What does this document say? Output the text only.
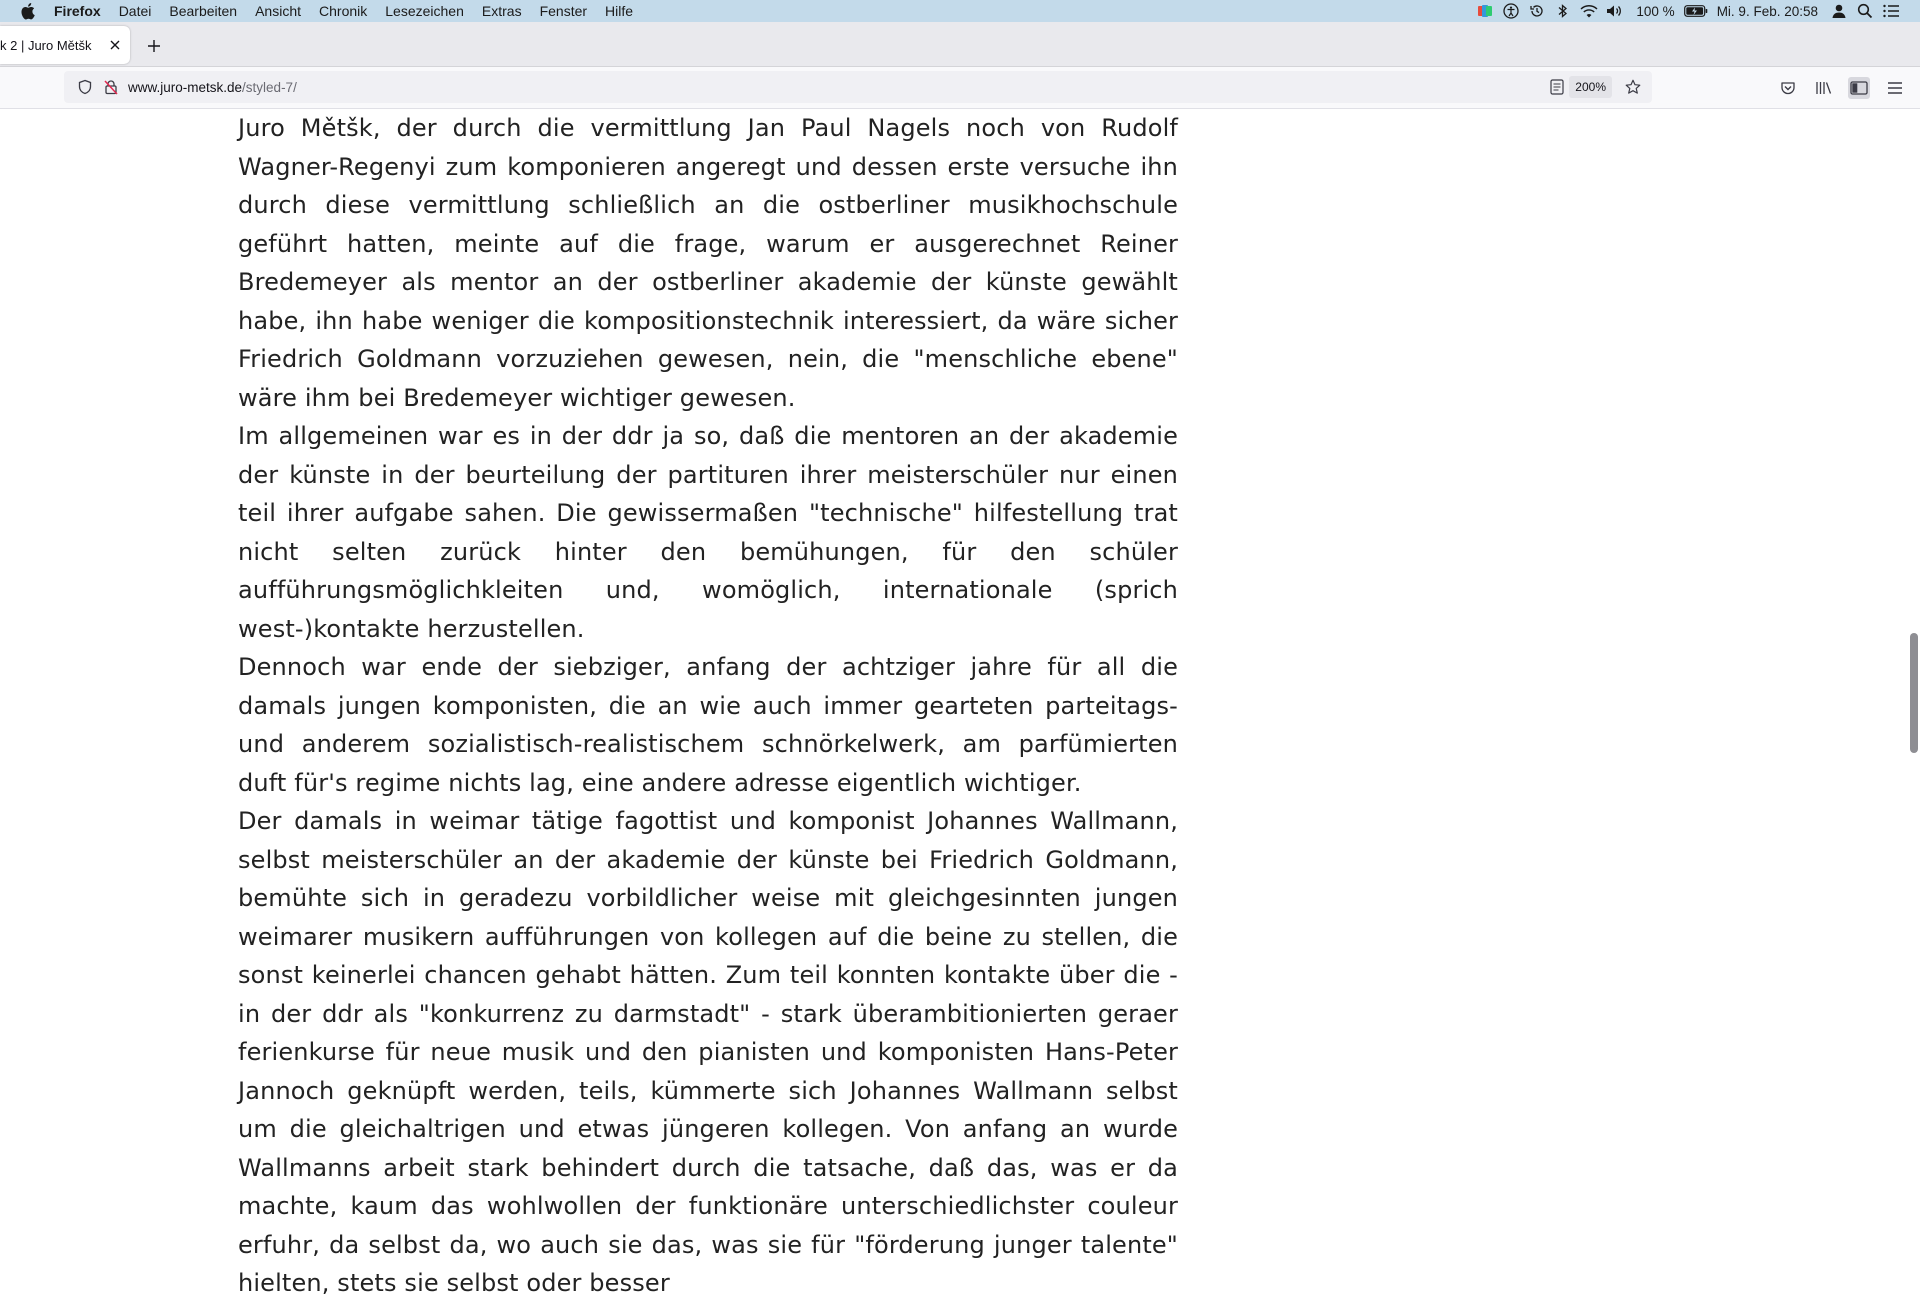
Firefox Datei Bearbeiten Ansicht Chronik Lesezeichen Extras Fenster Hilfe	100 %	Mi. 9. Feb. 20:58
k 2 | Juro Mětšk
www.juro-metsk.de/styled-7/	200%

Juro Mětšk, der durch die vermittlung Jan Paul Nagels noch von Rudolf Wagner-Regenyi zum komponieren angeregt und dessen erste versuche ihn durch diese vermittlung schließlich an die ostberliner musikhochschule geführt hatten, meinte auf die frage, warum er ausgerechnet Reiner Bredemeyer als mentor an der ostberliner akademie der künste gewählt habe, ihn habe weniger die kompositionstechnik interessiert, da wäre sicher Friedrich Goldmann vorzuziehen gewesen, nein, die "menschliche ebene" wäre ihm bei Bredemeyer wichtiger gewesen.

Im allgemeinen war es in der ddr ja so, daß die mentoren an der akademie der künste in der beurteilung der partituren ihrer meisterschüler nur einen teil ihrer aufgabe sahen. Die gewissermaßen "technische" hilfestellung trat nicht selten zurück hinter den bemühungen, für den schüler aufführungsmöglichkleiten und, womöglich, internationale (sprich west-)kontakte herzustellen.

Dennoch war ende der siebziger, anfang der achtziger jahre für all die damals jungen komponisten, die an wie auch immer gearteten parteitags- und anderem sozialistisch-realistischem schnörkelwerk, am parfümierten duft für's regime nichts lag, eine andere adresse eigentlich wichtiger.

Der damals in weimar tätige fagottist und komponist Johannes Wallmann, selbst meisterschüler an der akademie der künste bei Friedrich Goldmann, bemühte sich in geradezu vorbildlicher weise mit gleichgesinnten jungen weimarer musikern aufführungen von kollegen auf die beine zu stellen, die sonst keinerlei chancen gehabt hätten. Zum teil konnten kontakte über die - in der ddr als "konkurrenz zu darmstadt" - stark überambitionierten geraer ferienkurse für neue musik und den pianisten und komponisten Hans-Peter Jannoch geknüpft werden, teils, kümmerte sich Johannes Wallmann selbst um die gleichaltrigen und etwas jüngeren kollegen. Von anfang an wurde Wallmanns arbeit stark behindert durch die tatsache, daß das, was er da machte, kaum das wohlwollen der funktionäre unterschiedlichster couleur erfuhr, da selbst da, wo auch sie das, was sie für "förderung junger talente" hielten, stets sie selbst oder besser
